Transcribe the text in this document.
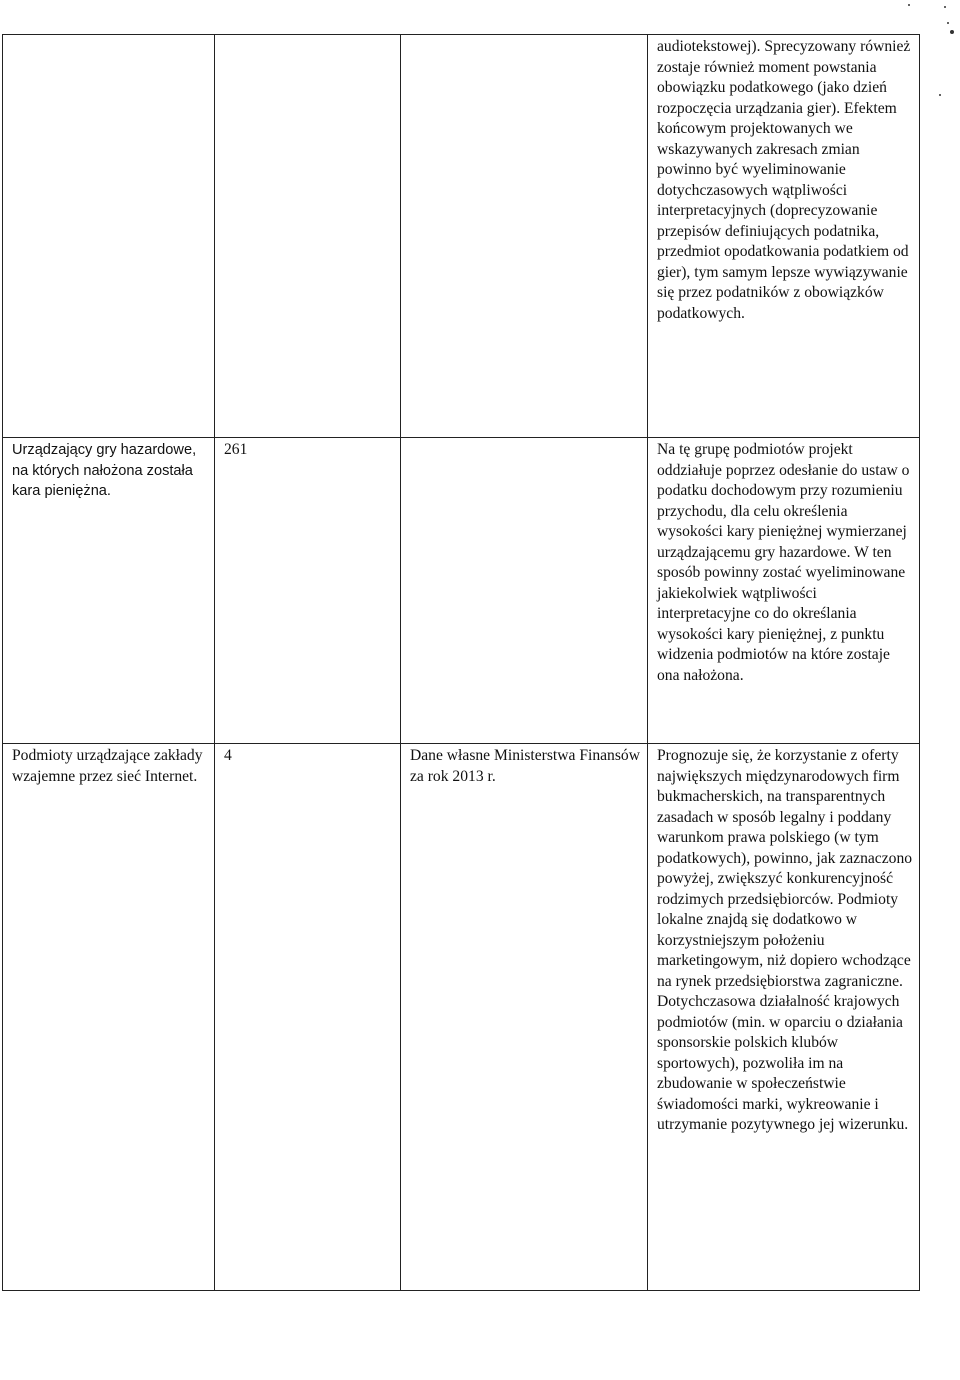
			audiotekstowej). Sprecyzowany również zostaje również moment powstania obowiązku podatkowego (jako dzień rozpoczęcia urządzania gier). Efektem końcowym projektowanych we wskazywanych zakresach zmian powinno być wyeliminowanie dotychczasowych wątpliwości interpretacyjnych (doprecyzowanie przepisów definiujących podatnika, przedmiot opodatkowania podatkiem od gier), tym samym lepsze wywiązywanie się przez podatników z obowiązków podatkowych.

Urządzający gry hazardowe, na których nałożona została kara pieniężna.	261		Na tę grupę podmiotów projekt oddziałuje poprzez odesłanie do ustaw o podatku dochodowym przy rozumieniu przychodu, dla celu określenia wysokości kary pieniężnej wymierzanej urządzającemu gry hazardowe. W ten sposób powinny zostać wyeliminowane jakiekolwiek wątpliwości interpretacyjne co do określania wysokości kary pieniężnej, z punktu widzenia podmiotów na które zostaje ona nałożona.

Podmioty urządzające zakłady wzajemne przez sieć Internet.	4	Dane własne Ministerstwa Finansów za rok 2013 r.	Prognozuje się, że korzystanie z oferty największych międzynarodowych firm bukmacherskich, na transparentnych zasadach w sposób legalny i poddany warunkom prawa polskiego (w tym podatkowych), powinno, jak zaznaczono powyżej, zwiększyć konkurencyjność rodzimych przedsiębiorców. Podmioty lokalne znajdą się dodatkowo w korzystniejszym położeniu marketingowym, niż dopiero wchodzące na rynek przedsiębiorstwa zagraniczne. Dotychczasowa działalność krajowych podmiotów (min. w oparciu o działania sponsorskie polskich klubów sportowych), pozwoliła im na zbudowanie w społeczeństwie świadomości marki, wykreowanie i utrzymanie pozytywnego jej wizerunku.
